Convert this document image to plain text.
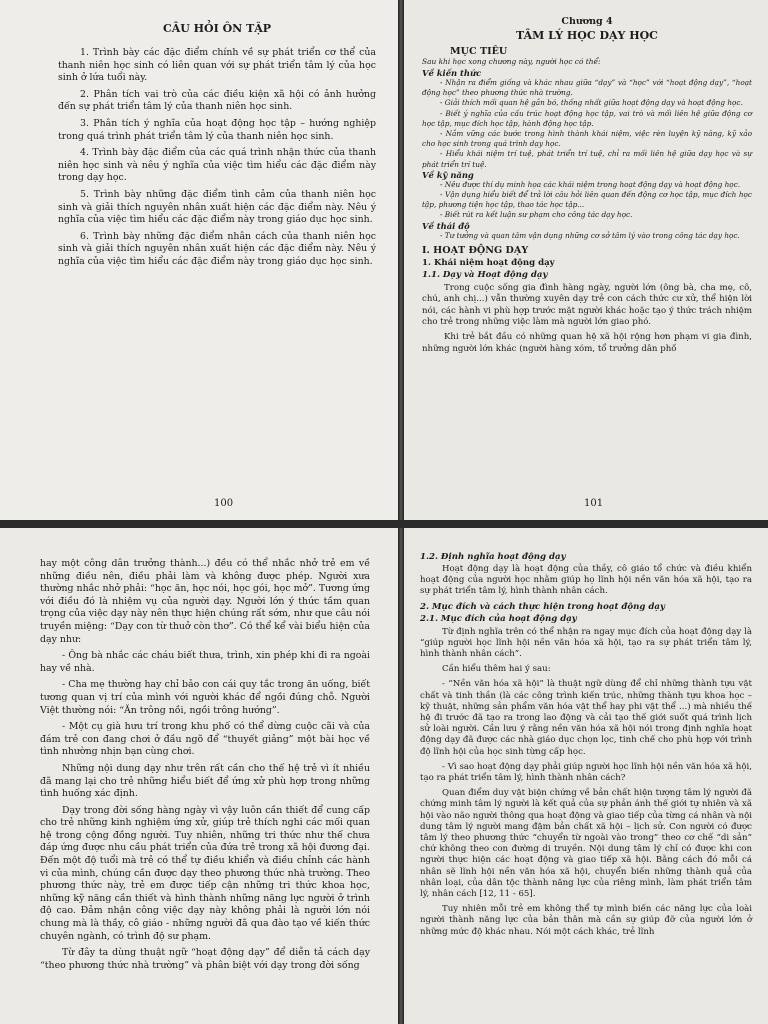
CÂU HỎI ÔN TẬP

1. Trình bày các đặc điểm chính về sự phát triển cơ thể của thanh niên học sinh có liên quan với sự phát triển tâm lý của học sinh ở lứa tuổi này.

2. Phân tích vai trò của các điều kiện xã hội có ảnh hưởng đến sự phát triển tâm lý của thanh niên học sinh.

3. Phân tích ý nghĩa của hoạt động học tập – hướng nghiệp trong quá trình phát triển tâm lý của thanh niên học sinh.

4. Trình bày đặc điểm của các quá trình nhận thức của thanh niên học sinh và nêu ý nghĩa của việc tìm hiểu các đặc điểm này trong dạy học.

5. Trình bày những đặc điểm tình cảm của thanh niên học sinh và giải thích nguyên nhân xuất hiện các đặc điểm này. Nêu ý nghĩa của việc tìm hiểu các đặc điểm này trong giáo dục học sinh.

6. Trình bày những đặc điểm nhân cách của thanh niên học sinh và giải thích nguyên nhân xuất hiện các đặc điểm này. Nêu ý nghĩa của việc tìm hiểu các đặc điểm này trong giáo dục học sinh.

100
Chương 4
TÂM LÝ HỌC DẠY HỌC
MỤC TIÊU

Sau khi học xong chương này, người học có thể:

Về kiến thức

- Nhận ra điểm giống và khác nhau giữa “dạy” và “học” với “hoạt động dạy”, “hoạt động học” theo phương thức nhà trường.

- Giải thích mối quan hệ gắn bó, thống nhất giữa hoạt động dạy và hoạt động học.

- Biết ý nghĩa của cấu trúc hoạt động học tập, vai trò và mối liên hệ giữa động cơ học tập, mục đích học tập, hành động học tập.

- Nắm vững các bước trong hình thành khái niệm, việc rèn luyện kỹ năng, kỹ xảo cho học sinh trong quá trình dạy học.

- Hiểu khái niệm trí tuệ, phát triển trí tuệ, chỉ ra mối liên hệ giữa dạy học và sự phát triển trí tuệ.

Về kỹ năng

- Nêu được thí dụ minh họa các khái niệm trong hoạt động dạy và hoạt động học.

- Vận dụng hiểu biết để trả lời câu hỏi liên quan đến động cơ học tập, mục đích học tập, phương tiện học tập, thao tác học tập...

- Biết rút ra kết luận sư phạm cho công tác dạy học.

Về thái độ

- Tư tưởng và quan tâm vận dụng những cơ sở tâm lý vào trong công tác dạy học.

I. HOẠT ĐỘNG DẠY
1. Khái niệm hoạt động dạy
1.1. Dạy và Hoạt động dạy

Trong cuộc sống gia đình hàng ngày, người lớn (ông bà, cha mẹ, cô, chú, anh chị...) vẫn thường xuyên dạy trẻ con cách thức cư xử, thể hiện lời nói, các hành vi phù hợp trước mặt người khác hoặc tạo ý thức trách nhiệm cho trẻ trong những việc làm mà người lớn giao phó.

Khi trẻ bắt đầu có những quan hệ xã hội rộng hơn phạm vi gia đình, những người lớn khác (người hàng xóm, tổ trưởng dân phố

101

hay một công dân trưởng thành...) đều có thể nhắc nhở trẻ em về những điều nên, điều phải làm và không được phép. Người xưa thường nhắc nhở phải: “học ăn, học nói, học gói, học mở”. Tương ứng với điều đó là nhiệm vụ của người dạy. Người lớn ý thức tầm quan trọng của việc dạy này nên thực hiện chúng rất sớm, như que câu nói truyền miệng: “Dạy con từ thuở còn thơ”. Có thể kể vài biểu hiện của dạy như:

- Ông bà nhắc các cháu biết thưa, trình, xin phép khi đi ra ngoài hay về nhà.

- Cha mẹ thường hay chỉ bảo con cái quy tắc trong ăn uống, biết tương quan vị trí của mình với người khác để ngồi đúng chỗ. Người Việt thường nói: “Ăn trông nồi, ngồi trông hướng”.

- Một cụ già hưu trí trong khu phố có thể dừng cuộc cãi và của đám trẻ con đang chơi ở đầu ngõ để “thuyết giảng” một bài học về tình nhường nhịn bạn cùng chơi.

Những nội dung dạy như trên rất cần cho thế hệ trẻ vì ít nhiều đã mang lại cho trẻ những hiểu biết để ứng xử phù hợp trong những tình huống xác định.

Dạy trong đời sống hàng ngày vì vậy luôn cần thiết để cung cấp cho trẻ những kinh nghiệm ứng xử, giúp trẻ thích nghi các mối quan hệ trong cộng đồng người. Tuy nhiên, những tri thức như thế chưa đáp ứng được nhu cầu phát triển của đứa trẻ trong xã hội đương đại. Đến một độ tuổi mà trẻ có thể tự điều khiển và điều chỉnh các hành vi của mình, chúng cần được dạy theo phương thức nhà trường. Theo phương thức này, trẻ em được tiếp cận những tri thức khoa học, những kỹ năng cần thiết và hình thành những năng lực người ở trình độ cao. Đảm nhận công việc dạy này không phải là người lớn nói chung mà là thầy, cô giáo - những người đã qua đào tạo về kiến thức chuyên ngành, có trình độ sư phạm.

Từ đây ta dùng thuật ngữ “hoạt động dạy” để diễn tả cách dạy “theo phương thức nhà trường” và phân biệt với dạy trong đời sống

1.2. Định nghĩa hoạt động dạy

Hoạt động dạy là hoạt động của thầy, cô giáo tổ chức và điều khiển hoạt động của người học nhằm giúp họ lĩnh hội nền văn hóa xã hội, tạo ra sự phát triển tâm lý, hình thành nhân cách.

2. Mục đích và cách thực hiện trong hoạt động dạy
2.1. Mục đích của hoạt động dạy

Từ định nghĩa trên có thể nhận ra ngay mục đích của hoạt động dạy là “giúp người học lĩnh hội nền văn hóa xã hội, tạo ra sự phát triển tâm lý, hình thành nhân cách”.

Cần hiểu thêm hai ý sau:

- “Nền văn hóa xã hội” là thuật ngữ dùng để chỉ những thành tựu vật chất và tinh thần (là các công trình kiến trúc, những thành tựu khoa học – kỹ thuật, những sản phẩm văn hóa vật thể hay phi vật thể ...) mà nhiều thế hệ đi trước đã tạo ra trong lao động và cải tạo thế giới suốt quá trình lịch sử loài người. Cần lưu ý rằng nền văn hóa xã hội nói trong định nghĩa hoạt động dạy đã được các nhà giáo dục chọn lọc, tinh chế cho phù hợp với trình độ lĩnh hội của học sinh từng cấp học.

- Vì sao hoạt động dạy phải giúp người học lĩnh hội nền văn hóa xã hội, tạo ra phát triển tâm lý, hình thành nhân cách?

Quan điểm duy vật biện chứng về bản chất hiện tượng tâm lý người đã chứng minh tâm lý người là kết quả của sự phản ánh thế giới tự nhiên và xã hội vào não người thông qua hoạt động và giao tiếp của từng cá nhân và nội dung tâm lý người mang đậm bản chất xã hội – lịch sử. Con người có được tâm lý theo phương thức “chuyển từ ngoài vào trong” theo cơ chế “di sản” chứ không theo con đường di truyền. Nội dung tâm lý chỉ có được khi con người thực hiện các hoạt động và giao tiếp xã hội. Bằng cách đó mỗi cá nhân sẽ lĩnh hội nền văn hóa xã hội, chuyển biến những thành quả của nhân loại, của dân tộc thành năng lực của riêng mình, làm phát triển tâm lý, nhân cách [12, 11 - 65].

Tuy nhiên mỗi trẻ em không thể tự mình biến các năng lực của loài người thành năng lực của bản thân mà cần sự giúp đỡ của người lớn ở những mức độ khác nhau. Nói một cách khác, trẻ lĩnh
